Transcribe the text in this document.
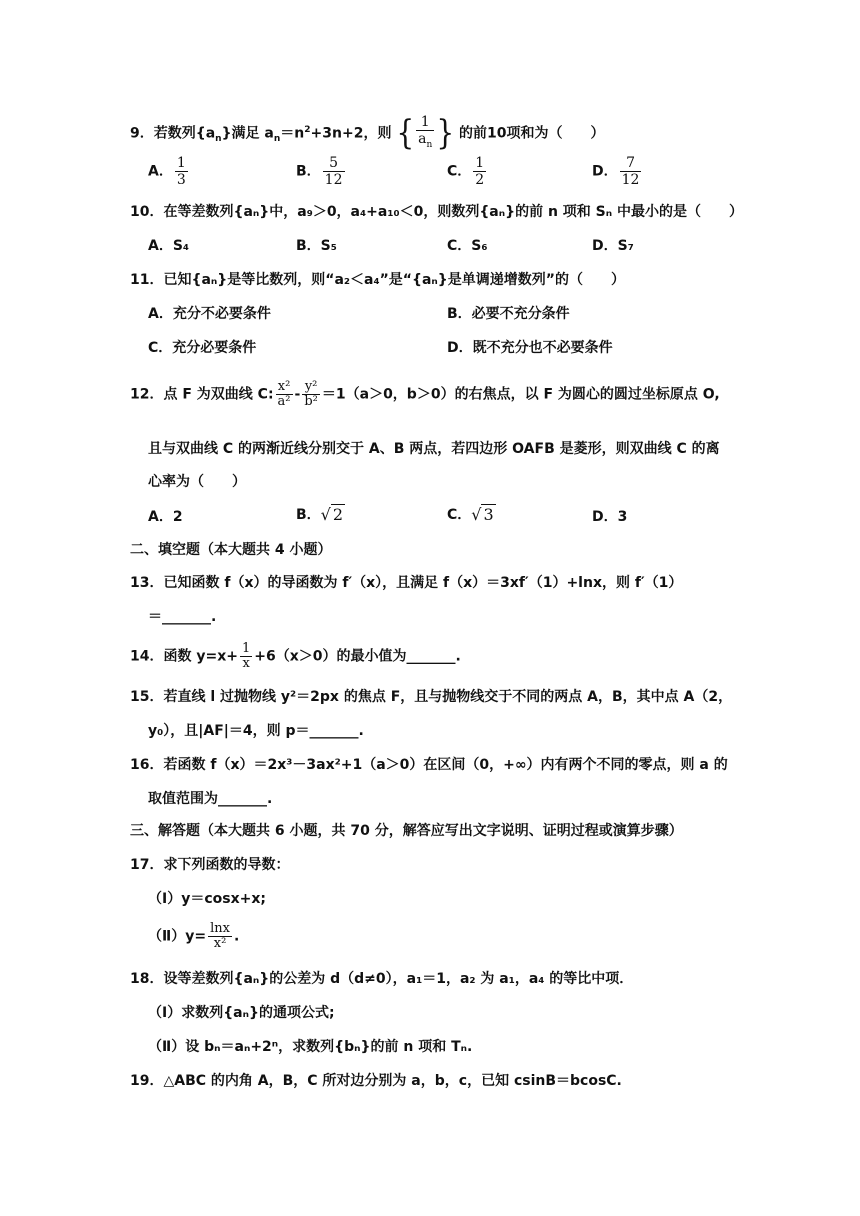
9．若数列$\{a_n\}$满足 $a_n=n^2+3n+2$，则 { $\frac{1}{a_n}$ } 的前10项和为（　　）
A． $\frac{1}{3}$	B． $\frac{5}{12}$	C． $\frac{1}{2}$	D． $\frac{7}{12}$
10．在等差数列{aₙ}中，a₉＞0，a₄+a₁₀＜0，则数列{aₙ}的前 n 项和 Sₙ 中最小的是（　　）
A．S₄	B．S₅	C．S₆	D．S₇
11．已知{aₙ}是等比数列，则“a₂＜a₄”是“{aₙ}是单调递增数列”的（　　）
A．充分不必要条件	B．必要不充分条件
C．充分必要条件	D．既不充分也不必要条件
12．点 F 为双曲线 C: $\frac{\text{x²}}{\text{a²}} - \frac{\text{y²}}{\text{b²}} =1(a>0$，b＞0）的右焦点，以 F 为圆心的圆过坐标原点 O,
且与双曲线 C 的两渐近线分别交于 A、B 两点，若四边形 OAFB 是菱形，则双曲线 C 的离
心率为（　　）
A．2	B．√ 2	C．√ 3	D．3
二、填空题（本大题共 4 小题）
13．已知函数 f（x）的导函数为 f′（x），且满足 f（x）＝3xf′（1）+lnx，则 f′（1）
＝_______.
14．函数 $y=x+ \frac{1}{x} +6(x>0)$的最小值为_______.
15．若直线 l 过抛物线 y²＝2px 的焦点 F，且与抛物线交于不同的两点 A，B，其中点 A（2，
y₀），且|AF|＝4，则 p＝_______.
16．若函数 f（x）＝2x³－3ax²+1（a＞0）在区间（0，+∞）内有两个不同的零点，则 a 的
取值范围为_______.
三、解答题（本大题共 6 小题，共 70 分，解答应写出文字说明、证明过程或演算步骤）
17．求下列函数的导数：
（Ⅰ）y＝cosx+x;
（Ⅱ）y= $\frac{\ln x}{\text{x²}}$ .
18．设等差数列{aₙ}的公差为 d（d≠0），a₁＝1，a₂ 为 a₁，a₄ 的等比中项．
（Ⅰ）求数列{aₙ}的通项公式;
（Ⅱ）设 bₙ＝aₙ+2ⁿ，求数列{bₙ}的前 n 项和 Tₙ.
19．△ABC 的内角 A，B，C 所对边分别为 a，b，c，已知 csinB＝bcosC.
